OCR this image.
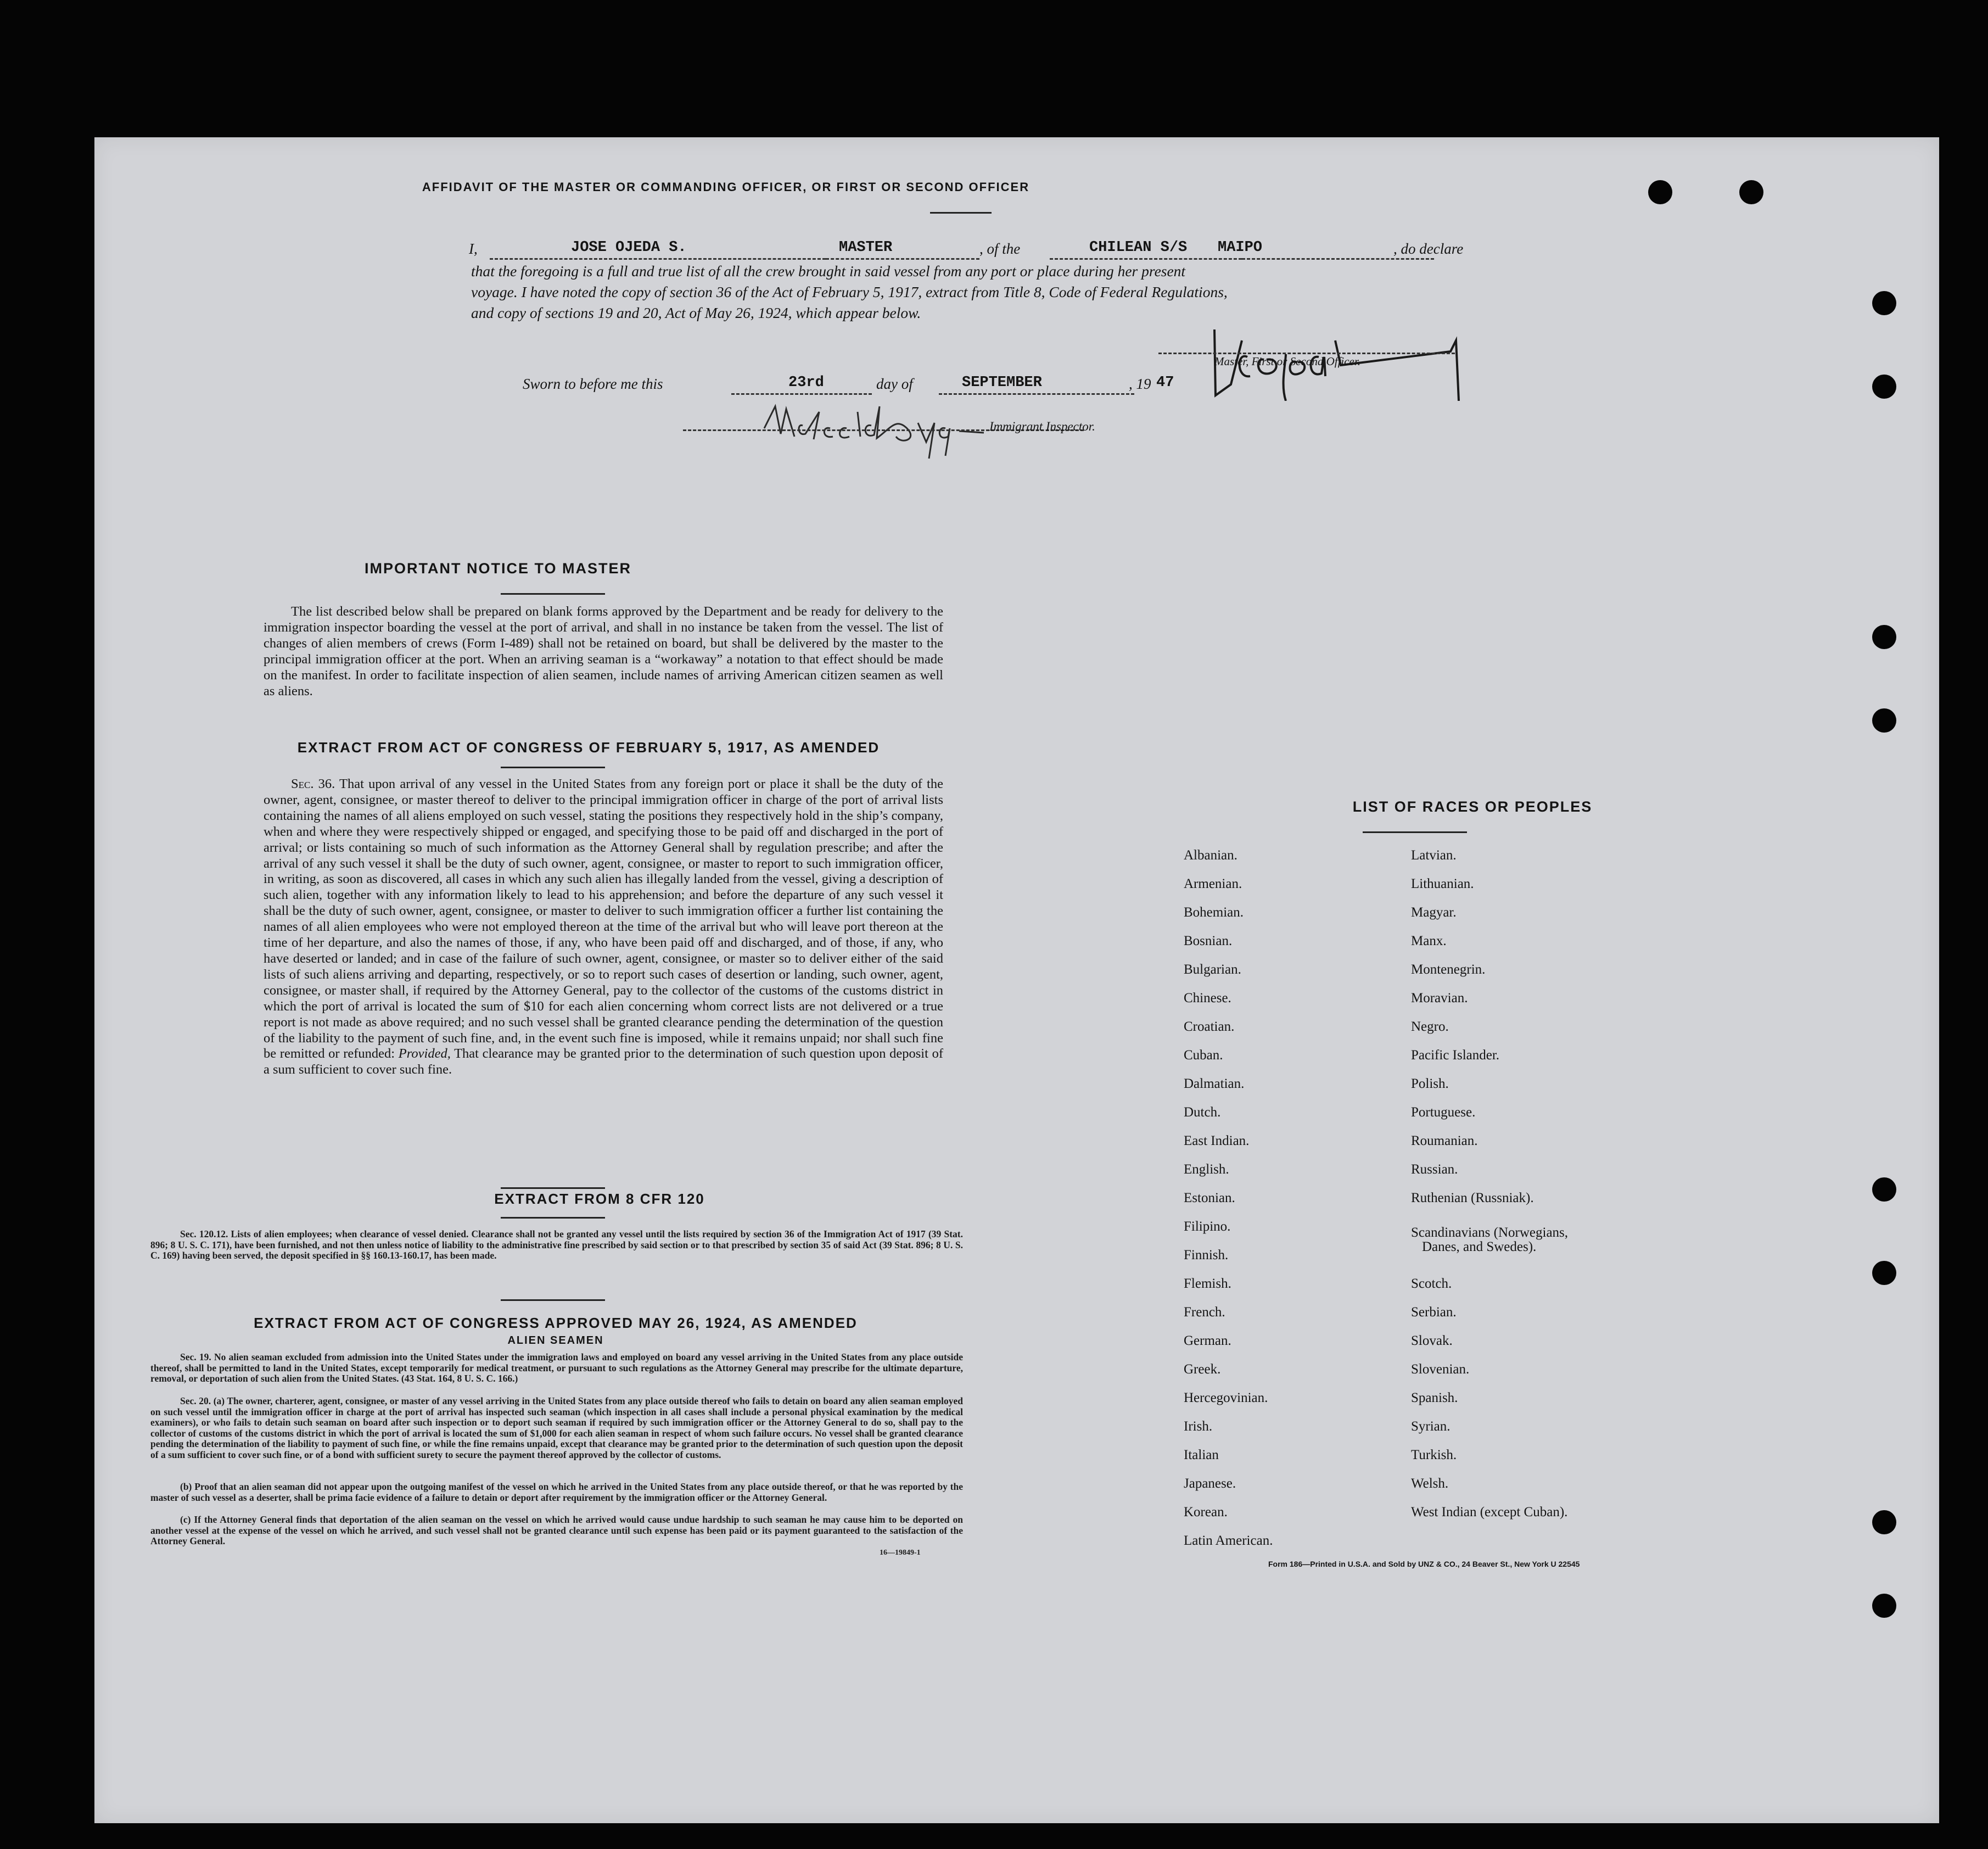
AFFIDAVIT OF THE MASTER OR COMMANDING OFFICER, OR FIRST OR SECOND OFFICER
I,	JOSE OJEDA S.	MASTER	, of the	CHILEAN S/S MAIPO	, do declare
that the foregoing is a full and true list of all the crew brought in said vessel from any port or place during her present
voyage. I have noted the copy of section 36 of the Act of February 5, 1917, extract from Title 8, Code of Federal Regulations,
and copy of sections 19 and 20, Act of May 26, 1924, which appear below.
Master, First or Second Officer.
Sworn to before me this	23rd	day of	SEPTEMBER	, 19 47
Immigrant Inspector.
IMPORTANT NOTICE TO MASTER
The list described below shall be prepared on blank forms approved by the Department and be ready for delivery to the immigration inspector boarding the vessel at the port of arrival, and shall in no instance be taken from the vessel. The list of changes of alien members of crews (Form I-489) shall not be retained on board, but shall be delivered by the master to the principal immigration officer at the port. When an arriving seaman is a “workaway” a notation to that effect should be made on the manifest. In order to facilitate inspection of alien seamen, include names of arriving American citizen seamen as well as aliens.
EXTRACT FROM ACT OF CONGRESS OF FEBRUARY 5, 1917, AS AMENDED
Sec. 36. That upon arrival of any vessel in the United States from any foreign port or place it shall be the duty of the owner, agent, consignee, or master thereof to deliver to the principal immigration officer in charge of the port of arrival lists containing the names of all aliens employed on such vessel, stating the positions they respectively hold in the ship’s company, when and where they were respectively shipped or engaged, and specifying those to be paid off and discharged in the port of arrival; or lists containing so much of such information as the Attorney General shall by regulation prescribe; and after the arrival of any such vessel it shall be the duty of such owner, agent, consignee, or master to report to such immigration officer, in writing, as soon as discovered, all cases in which any such alien has illegally landed from the vessel, giving a description of such alien, together with any information likely to lead to his apprehension; and before the departure of any such vessel it shall be the duty of such owner, agent, consignee, or master to deliver to such immigration officer a further list containing the names of all alien employees who were not employed thereon at the time of the arrival but who will leave port thereon at the time of her departure, and also the names of those, if any, who have been paid off and discharged, and of those, if any, who have deserted or landed; and in case of the failure of such owner, agent, consignee, or master so to deliver either of the said lists of such aliens arriving and departing, respectively, or so to report such cases of desertion or landing, such owner, agent, consignee, or master shall, if required by the Attorney General, pay to the collector of the customs of the customs district in which the port of arrival is located the sum of $10 for each alien concerning whom correct lists are not delivered or a true report is not made as above required; and no such vessel shall be granted clearance pending the determination of the question of the liability to the payment of such fine, and, in the event such fine is imposed, while it remains unpaid; nor shall such fine be remitted or refunded: Provided, That clearance may be granted prior to the determination of such question upon deposit of a sum sufficient to cover such fine.
EXTRACT FROM 8 CFR 120
Sec. 120.12. Lists of alien employees; when clearance of vessel denied. Clearance shall not be granted any vessel until the lists required by section 36 of the Immigration Act of 1917 (39 Stat. 896; 8 U. S. C. 171), have been furnished, and not then unless notice of liability to the administrative fine prescribed by said section or to that prescribed by section 35 of said Act (39 Stat. 896; 8 U. S. C. 169) having been served, the deposit specified in §§ 160.13-160.17, has been made.
EXTRACT FROM ACT OF CONGRESS APPROVED MAY 26, 1924, AS AMENDED
ALIEN SEAMEN
Sec. 19. No alien seaman excluded from admission into the United States under the immigration laws and employed on board any vessel arriving in the United States from any place outside thereof, shall be permitted to land in the United States, except temporarily for medical treatment, or pursuant to such regulations as the Attorney General may prescribe for the ultimate departure, removal, or deportation of such alien from the United States. (43 Stat. 164, 8 U. S. C. 166.)
Sec. 20. (a) The owner, charterer, agent, consignee, or master of any vessel arriving in the United States from any place outside thereof who fails to detain on board any alien seaman employed on such vessel until the immigration officer in charge at the port of arrival has inspected such seaman (which inspection in all cases shall include a personal physical examination by the medical examiners), or who fails to detain such seaman on board after such inspection or to deport such seaman if required by such immigration officer or the Attorney General to do so, shall pay to the collector of customs of the customs district in which the port of arrival is located the sum of $1,000 for each alien seaman in respect of whom such failure occurs. No vessel shall be granted clearance pending the determination of the liability to payment of such fine, or while the fine remains unpaid, except that clearance may be granted prior to the determination of such question upon the deposit of a sum sufficient to cover such fine, or of a bond with sufficient surety to secure the payment thereof approved by the collector of customs.
(b) Proof that an alien seaman did not appear upon the outgoing manifest of the vessel on which he arrived in the United States from any place outside thereof, or that he was reported by the master of such vessel as a deserter, shall be prima facie evidence of a failure to detain or deport after requirement by the immigration officer or the Attorney General.
(c) If the Attorney General finds that deportation of the alien seaman on the vessel on which he arrived would cause undue hardship to such seaman he may cause him to be deported on another vessel at the expense of the vessel on which he arrived, and such vessel shall not be granted clearance until such expense has been paid or its payment guaranteed to the satisfaction of the Attorney General.
16—19849-1
LIST OF RACES OR PEOPLES
Albanian.
Armenian.
Bohemian.
Bosnian.
Bulgarian.
Chinese.
Croatian.
Cuban.
Dalmatian.
Dutch.
East Indian.
English.
Estonian.
Filipino.
Finnish.
Flemish.
French.
German.
Greek.
Hercegovinian.
Irish.
Italian
Japanese.
Korean.
Latin American.
Latvian.
Lithuanian.
Magyar.
Manx.
Montenegrin.
Moravian.
Negro.
Pacific Islander.
Polish.
Portuguese.
Roumanian.
Russian.
Ruthenian (Russniak).
Scandinavians (Norwegians,
Danes, and Swedes).
Scotch.
Serbian.
Slovak.
Slovenian.
Spanish.
Syrian.
Turkish.
Welsh.
West Indian (except Cuban).
Form 186—Printed in U.S.A. and Sold by UNZ & CO., 24 Beaver St., New York U 22545
